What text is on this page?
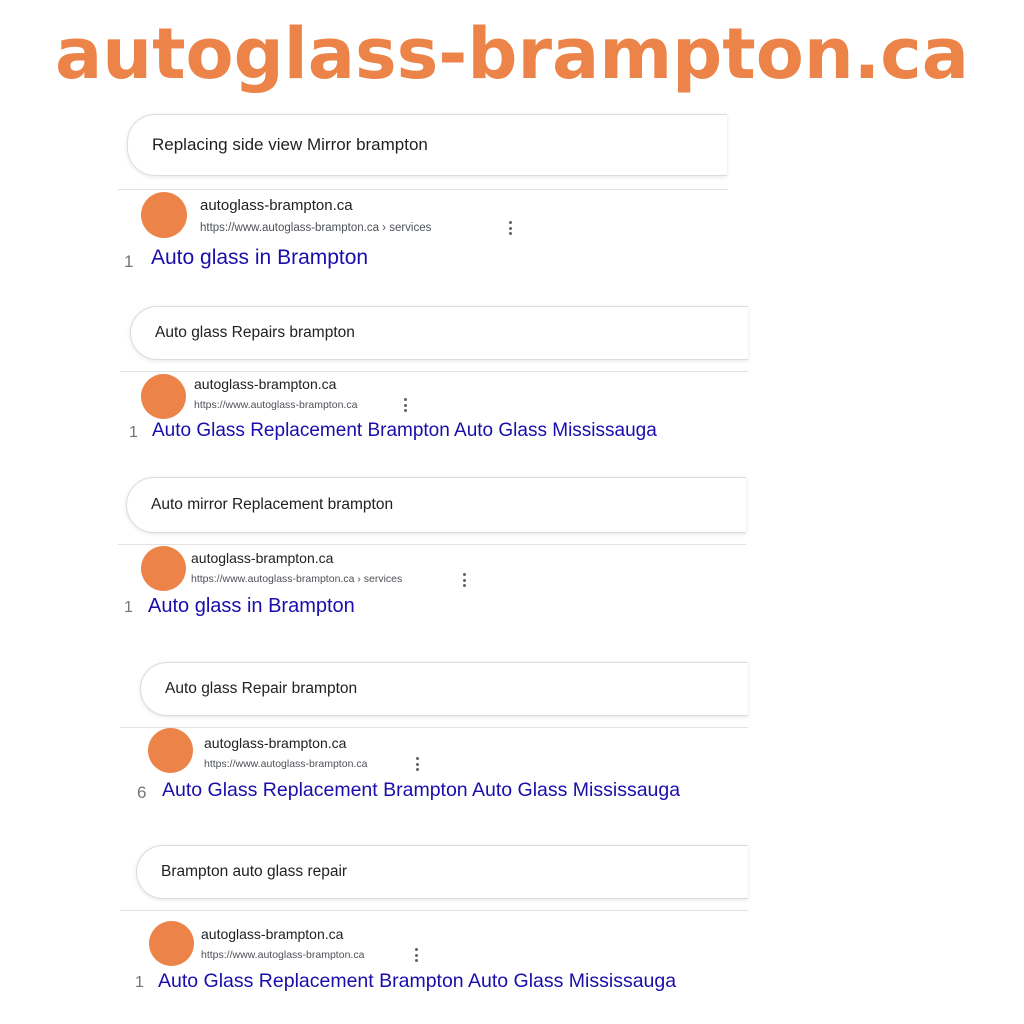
autoglass-brampton.ca
Replacing side view Mirror brampton
autoglass-brampton.ca
https://www.autoglass-brampton.ca › services
1 Auto glass in Brampton
Auto glass Repairs brampton
autoglass-brampton.ca
https://www.autoglass-brampton.ca
1 Auto Glass Replacement Brampton Auto Glass Mississauga
Auto mirror Replacement brampton
autoglass-brampton.ca
https://www.autoglass-brampton.ca › services
1 Auto glass in Brampton
Auto glass Repair brampton
autoglass-brampton.ca
https://www.autoglass-brampton.ca
6 Auto Glass Replacement Brampton Auto Glass Mississauga
Brampton auto glass repair
autoglass-brampton.ca
https://www.autoglass-brampton.ca
1 Auto Glass Replacement Brampton Auto Glass Mississauga
